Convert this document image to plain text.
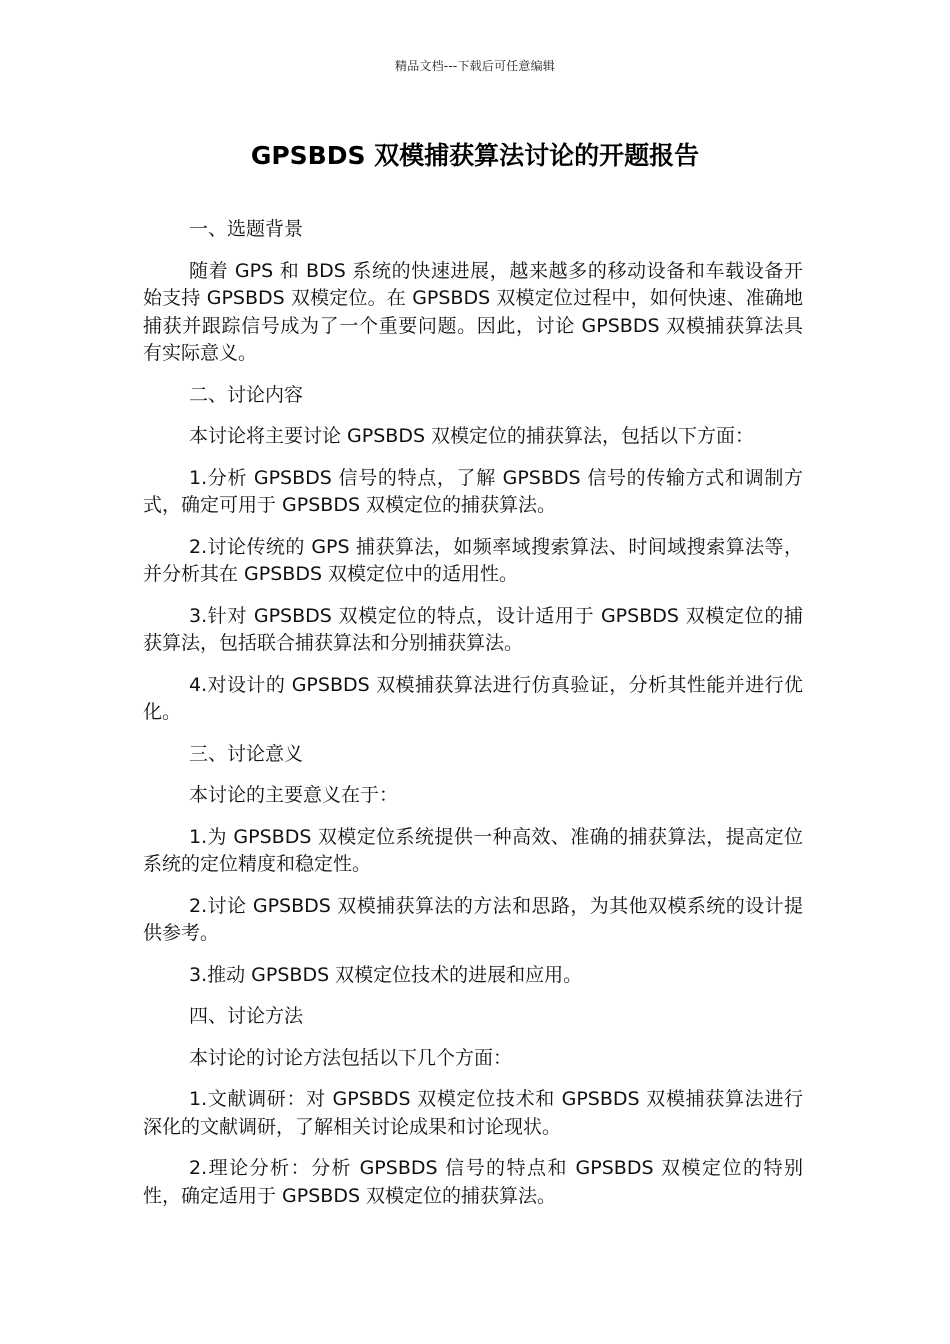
精品文档---下载后可任意编辑
GPSBDS 双模捕获算法讨论的开题报告

一、选题背景

随着 GPS 和 BDS 系统的快速进展，越来越多的移动设备和车载设备开始支持 GPSBDS 双模定位。在 GPSBDS 双模定位过程中，如何快速、准确地捕获并跟踪信号成为了一个重要问题。因此，讨论 GPSBDS 双模捕获算法具有实际意义。

二、讨论内容

本讨论将主要讨论 GPSBDS 双模定位的捕获算法，包括以下方面：

1.分析 GPSBDS 信号的特点，了解 GPSBDS 信号的传输方式和调制方式，确定可用于 GPSBDS 双模定位的捕获算法。

2.讨论传统的 GPS 捕获算法，如频率域搜索算法、时间域搜索算法等，并分析其在 GPSBDS 双模定位中的适用性。

3.针对 GPSBDS 双模定位的特点，设计适用于 GPSBDS 双模定位的捕获算法，包括联合捕获算法和分别捕获算法。

4.对设计的 GPSBDS 双模捕获算法进行仿真验证，分析其性能并进行优化。

三、讨论意义

本讨论的主要意义在于：

1.为 GPSBDS 双模定位系统提供一种高效、准确的捕获算法，提高定位系统的定位精度和稳定性。

2.讨论 GPSBDS 双模捕获算法的方法和思路，为其他双模系统的设计提供参考。

3.推动 GPSBDS 双模定位技术的进展和应用。

四、讨论方法

本讨论的讨论方法包括以下几个方面：

1.文献调研：对 GPSBDS 双模定位技术和 GPSBDS 双模捕获算法进行深化的文献调研，了解相关讨论成果和讨论现状。

2.理论分析：分析 GPSBDS 信号的特点和 GPSBDS 双模定位的特别性，确定适用于 GPSBDS 双模定位的捕获算法。
